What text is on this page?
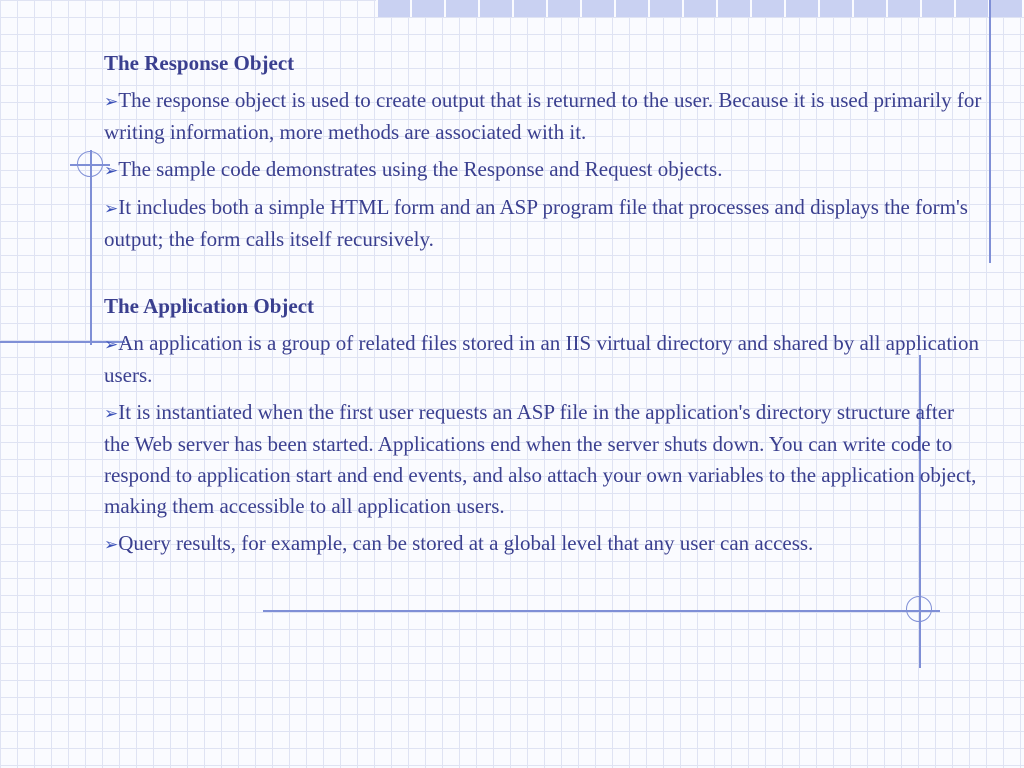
The Response Object
➢The response object is used to create output that is returned to the user. Because it is used primarily for writing information, more methods are associated with it.
➢The sample code demonstrates using the Response and Request objects.
➢It includes both a simple HTML form and an ASP program file that processes and displays the form's output; the form calls itself recursively.
The Application Object
➢An application is a group of related files stored in an IIS virtual directory and shared by all application users.
➢It is instantiated when the first user requests an ASP file in the application's directory structure after the Web server has been started. Applications end when the server shuts down. You can write code to respond to application start and end events, and also attach your own variables to the application object, making them accessible to all application users.
➢Query results, for example, can be stored at a global level that any user can access.
